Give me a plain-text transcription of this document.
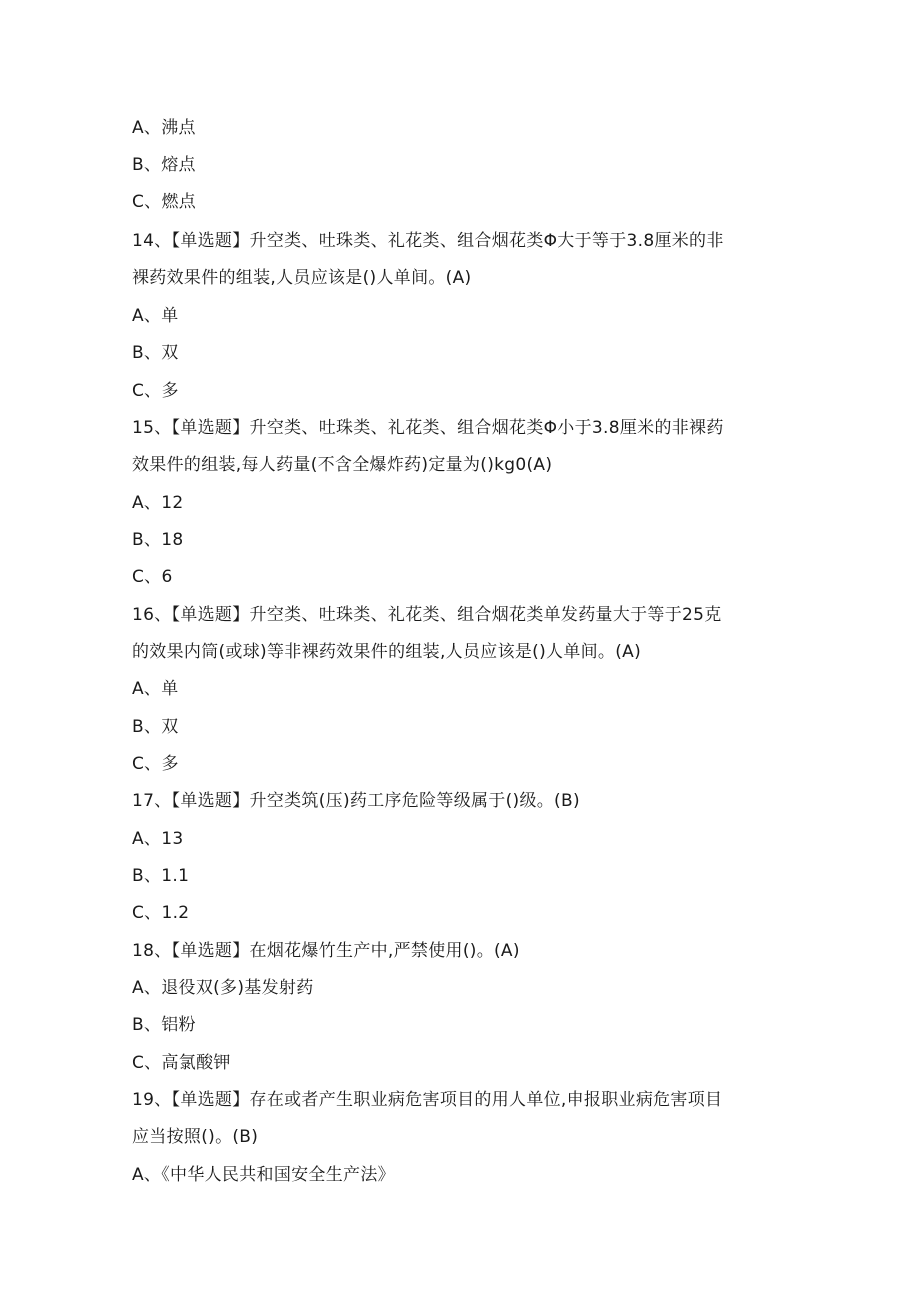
A、沸点
B、熔点
C、燃点
14、【单选题】升空类、吐珠类、礼花类、组合烟花类Φ大于等于3.8厘米的非
裸药效果件的组装,人员应该是()人单间。(A)
A、单
B、双
C、多
15、【单选题】升空类、吐珠类、礼花类、组合烟花类Φ小于3.8厘米的非裸药
效果件的组装,每人药量(不含全爆炸药)定量为()kg0(A)
A、12
B、18
C、6
16、【单选题】升空类、吐珠类、礼花类、组合烟花类单发药量大于等于25克
的效果内筒(或球)等非裸药效果件的组装,人员应该是()人单间。(A)
A、单
B、双
C、多
17、【单选题】升空类筑(压)药工序危险等级属于()级。(B)
A、13
B、1.1
C、1.2
18、【单选题】在烟花爆竹生产中,严禁使用()。(A)
A、退役双(多)基发射药
B、铝粉
C、高氯酸钾
19、【单选题】存在或者产生职业病危害项目的用人单位,申报职业病危害项目
应当按照()。(B)
A、《中华人民共和国安全生产法》
